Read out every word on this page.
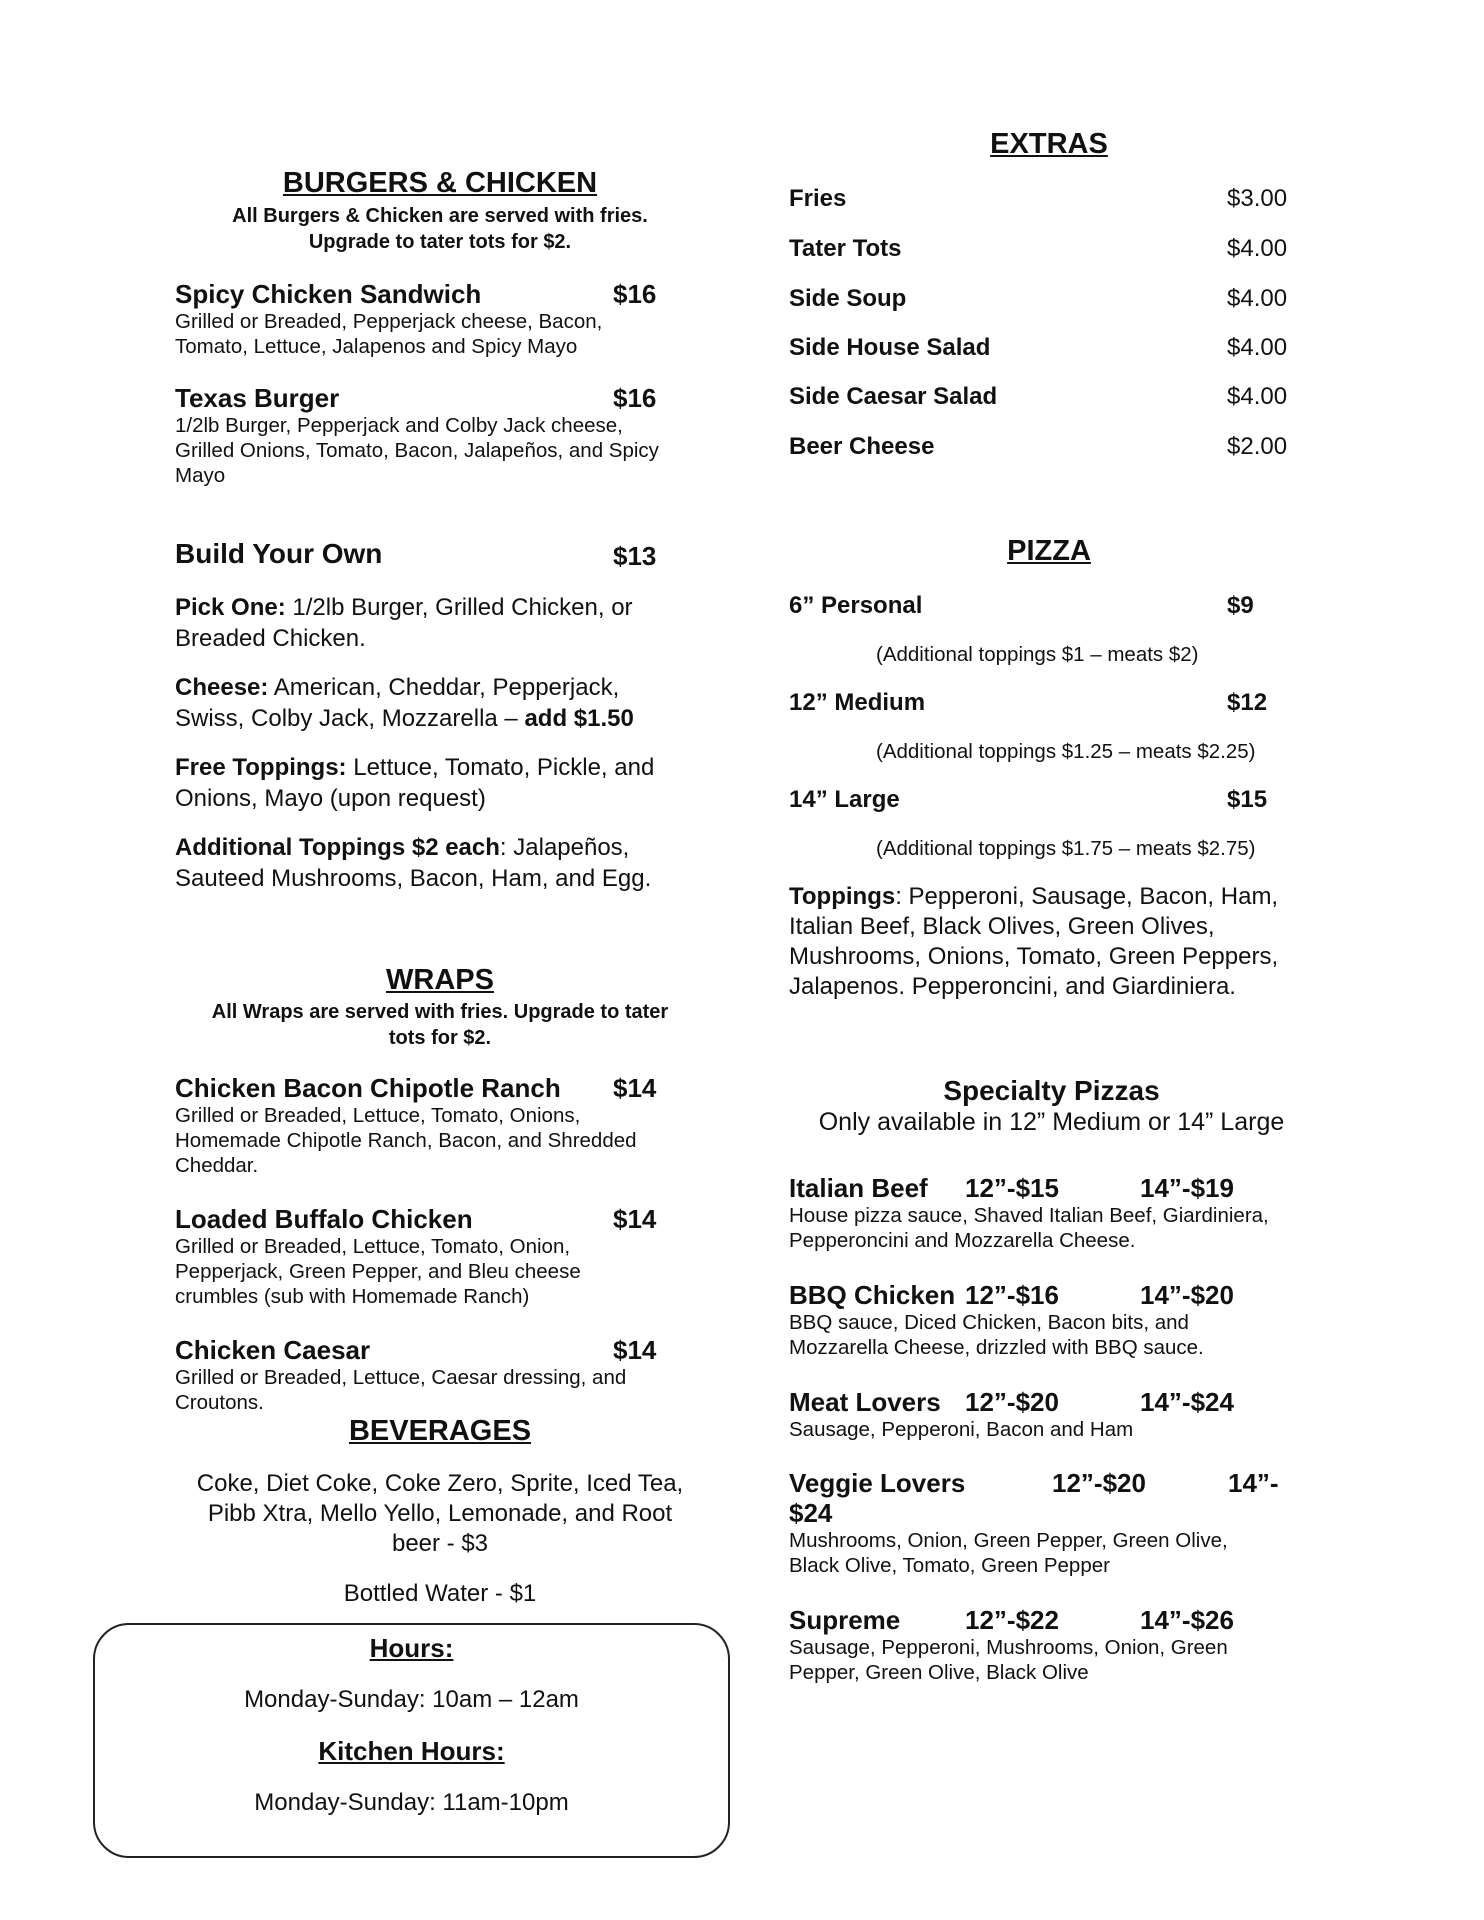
BURGERS & CHICKEN
All Burgers & Chicken are served with fries.
Upgrade to tater tots for $2.
Spicy Chicken Sandwich	$16
Grilled or Breaded, Pepperjack cheese, Bacon,
Tomato, Lettuce, Jalapenos and Spicy Mayo
Texas Burger	$16
1/2lb Burger, Pepperjack and Colby Jack cheese,
Grilled Onions, Tomato, Bacon, Jalapeños, and Spicy
Mayo
Build Your Own	$13
Pick One: 1/2lb Burger, Grilled Chicken, or
Breaded Chicken.
Cheese: American, Cheddar, Pepperjack,
Swiss, Colby Jack, Mozzarella – add $1.50
Free Toppings: Lettuce, Tomato, Pickle, and
Onions, Mayo (upon request)
Additional Toppings $2 each: Jalapeños,
Sauteed Mushrooms, Bacon, Ham, and Egg.
WRAPS
All Wraps are served with fries. Upgrade to tater
tots for $2.
Chicken Bacon Chipotle Ranch $14
Grilled or Breaded, Lettuce, Tomato, Onions,
Homemade Chipotle Ranch, Bacon, and Shredded
Cheddar.
Loaded Buffalo Chicken	$14
Grilled or Breaded, Lettuce, Tomato, Onion,
Pepperjack, Green Pepper, and Bleu cheese
crumbles (sub with Homemade Ranch)
Chicken Caesar	$14
Grilled or Breaded, Lettuce, Caesar dressing, and
Croutons.
BEVERAGES
Coke, Diet Coke, Coke Zero, Sprite, Iced Tea,
Pibb Xtra, Mello Yello, Lemonade, and Root
beer - $3
Bottled Water - $1
Hours:
Monday-Sunday: 10am – 12am
Kitchen Hours:
Monday-Sunday: 11am-10pm
EXTRAS
Fries	$3.00
Tater Tots	$4.00
Side Soup	$4.00
Side House Salad	$4.00
Side Caesar Salad	$4.00
Beer Cheese	$2.00
PIZZA
6” Personal	$9
(Additional toppings $1 – meats $2)
12” Medium	$12
(Additional toppings $1.25 – meats $2.25)
14” Large	$15
(Additional toppings $1.75 – meats $2.75)
Toppings: Pepperoni, Sausage, Bacon, Ham,
Italian Beef, Black Olives, Green Olives,
Mushrooms, Onions, Tomato, Green Peppers,
Jalapenos. Pepperoncini, and Giardiniera.
Specialty Pizzas
Only available in 12” Medium or 14” Large
Italian Beef 12”-$15	14”-$19
House pizza sauce, Shaved Italian Beef, Giardiniera,
Pepperoncini and Mozzarella Cheese.
BBQ Chicken 12”-$16	14”-$20
BBQ sauce, Diced Chicken, Bacon bits, and
Mozzarella Cheese, drizzled with BBQ sauce.
Meat Lovers 12”-$20	14”-$24
Sausage, Pepperoni, Bacon and Ham
Veggie Lovers	12”-$20	14”-
$24
Mushrooms, Onion, Green Pepper, Green Olive,
Black Olive, Tomato, Green Pepper
Supreme 12”-$22	14”-$26
Sausage, Pepperoni, Mushrooms, Onion, Green
Pepper, Green Olive, Black Olive
